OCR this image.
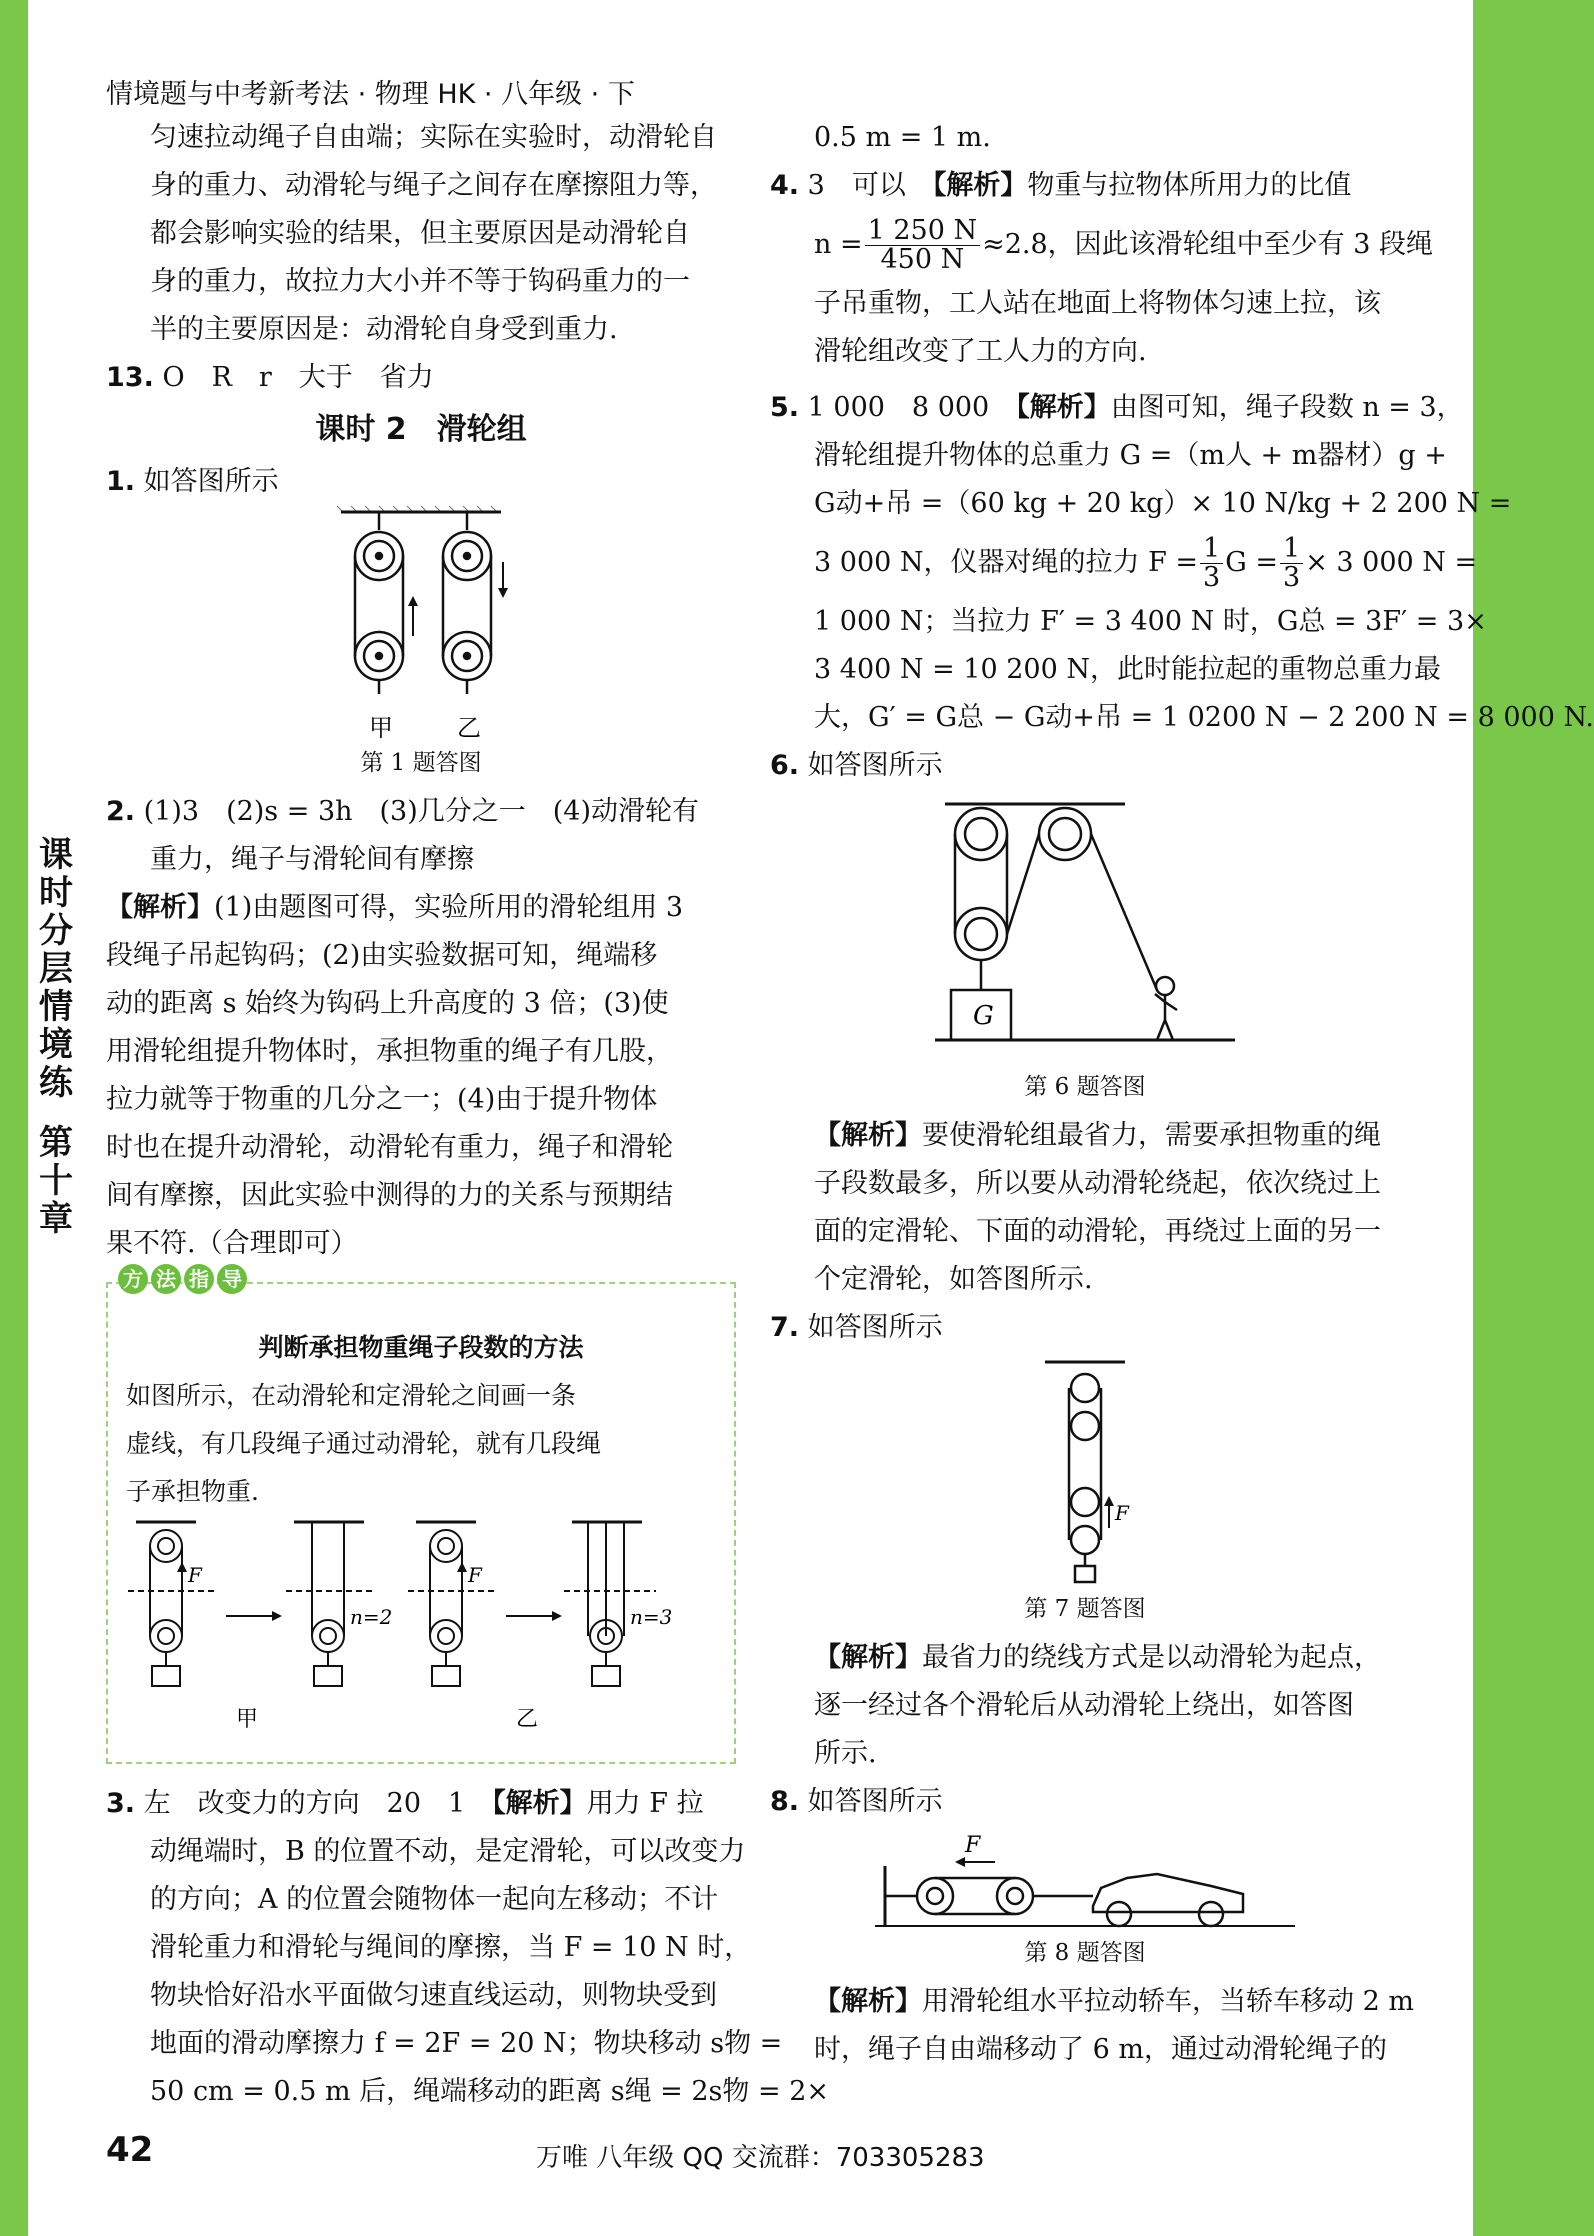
课
时
分
层
情
境
练
第
十
章
情境题与中考新考法 · 物理 HK · 八年级 · 下
匀速拉动绳子自由端；实际在实验时，动滑轮自
身的重力、动滑轮与绳子之间存在摩擦阻力等，
都会影响实验的结果，但主要原因是动滑轮自
身的重力，故拉力大小并不等于钩码重力的一
半的主要原因是：动滑轮自身受到重力.
13. O　R　r　大于　省力
课时 2　滑轮组
1. 如答图所示
甲	乙
第 1 题答图
2. (1)3　(2)s = 3h　(3)几分之一　(4)动滑轮有
重力，绳子与滑轮间有摩擦
【解析】(1)由题图可得，实验所用的滑轮组用 3
段绳子吊起钩码；(2)由实验数据可知，绳端移
动的距离 s 始终为钩码上升高度的 3 倍；(3)使
用滑轮组提升物体时，承担物重的绳子有几股，
拉力就等于物重的几分之一；(4)由于提升物体
时也在提升动滑轮，动滑轮有重力，绳子和滑轮
间有摩擦，因此实验中测得的力的关系与预期结
果不符.（合理即可）
方 法 指 导
判断承担物重绳子段数的方法
如图所示，在动滑轮和定滑轮之间画一条
虚线，有几段绳子通过动滑轮，就有几段绳
子承担物重.
F	F
n=2	n=3
甲	乙
3. 左　改变力的方向　20　1　【解析】用力 F 拉
动绳端时，B 的位置不动，是定滑轮，可以改变力
的方向；A 的位置会随物体一起向左移动；不计
滑轮重力和滑轮与绳间的摩擦，当 F = 10 N 时，
物块恰好沿水平面做匀速直线运动，则物块受到
地面的滑动摩擦力 f = 2F = 20 N；物块移动 s物 =
50 cm = 0.5 m 后，绳端移动的距离 s绳 = 2s物 = 2×
0.5 m = 1 m.
4. 3　可以　【解析】物重与拉物体所用力的比值
$n = \frac{1 250 N}{450 N} \approx 2.8$，因此该滑轮组中至少有 3 段绳
子吊重物，工人站在地面上将物体匀速上拉，该
滑轮组改变了工人力的方向.
5. 1 000　8 000　【解析】由图可知，绳子段数 n = 3，
滑轮组提升物体的总重力 G =（m人 + m器材）g +
G动+吊 =（60 kg + 20 kg）× 10 N/kg + 2 200 N =
3 000 N，仪器对绳的拉力 $F = \frac{1}{3}$ $G = \frac{1}{3} \times 3$ 000 N =
1 000 N；当拉力 F′ = 3 400 N 时，G总 = 3F′ = 3×
3 400 N = 10 200 N，此时能拉起的重物总重力最
大，G′ = G总 − G动+吊 = 1 0200 N − 2 200 N = 8 000 N.
6. 如答图所示
G
第 6 题答图
【解析】要使滑轮组最省力，需要承担物重的绳
子段数最多，所以要从动滑轮绕起，依次绕过上
面的定滑轮、下面的动滑轮，再绕过上面的另一
个定滑轮，如答图所示.
7. 如答图所示
F
第 7 题答图
【解析】最省力的绕线方式是以动滑轮为起点，
逐一经过各个滑轮后从动滑轮上绕出，如答图
所示.
8. 如答图所示
F
第 8 题答图
【解析】用滑轮组水平拉动轿车，当轿车移动 2 m
时，绳子自由端移动了 6 m，通过动滑轮绳子的
42	万唯 八年级 QQ 交流群：703305283
